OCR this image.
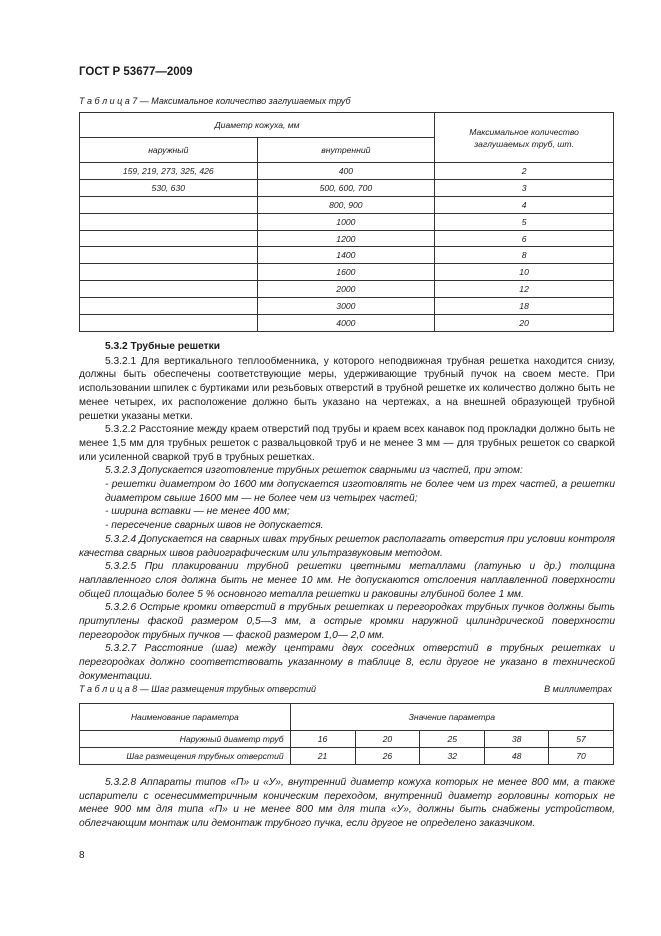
ГОСТ Р 53677—2009
Т а б л и ц а 7 — Максимальное количество заглушаемых труб
Диаметр кожуха, мм		Максимальное количество заглушаемых труб, шт.
наружный	внутренний	
159, 219, 273, 325, 426	400	2
530, 630	500, 600, 700	3
	800, 900	4
	1000	5
	1200	6
	1400	8
	1600	10
	2000	12
	3000	18
	4000	20

5.3.2 Трубные решетки

5.3.2.1 Для вертикального теплообменника, у которого неподвижная трубная решетка находится снизу, должны быть обеспечены соответствующие меры, удерживающие трубный пучок на своем месте. При использовании шпилек с буртиками или резьбовых отверстий в трубной решетке их количество должно быть не менее четырех, их расположение должно быть указано на чертежах, а на внешней образующей трубной решетки указаны метки.

5.3.2.2 Расстояние между краем отверстий под трубы и краем всех канавок под прокладки должно быть не менее 1,5 мм для трубных решеток с развальцовкой труб и не менее 3 мм — для трубных решеток со сваркой или усиленной сваркой труб в трубных решетках.

5.3.2.3 Допускается изготовление трубных решеток сварными из частей, при этом:

- решетки диаметром до 1600 мм допускается изготовлять не более чем из трех частей, а решетки диаметром свыше 1600 мм — не более чем из четырех частей;

- ширина вставки — не менее 400 мм;

- пересечение сварных швов не допускается.

5.3.2.4 Допускается на сварных швах трубных решеток располагать отверстия при условии контроля качества сварных швов радиографическим или ультразвуковым методом.

5.3.2.5 При плакировании трубной решетки цветными металлами (латунью и др.) толщина наплавленного слоя должна быть не менее 10 мм. Не допускаются отслоения наплавленной поверхности общей площадью более 5 % основного металла решетки и раковины глубиной более 1 мм.

5.3.2.6 Острые кромки отверстий в трубных решетках и перегородках трубных пучков должны быть притуплены фаской размером 0,5—3 мм, а острые кромки наружной цилиндрической поверхности перегородок трубных пучков — фаской размером 1,0— 2,0 мм.

5.3.2.7 Расстояние (шаг) между центрами двух соседних отверстий в трубных решетках и перегородках должно соответствовать указанному в таблице 8, если другое не указано в технической документации.

Т а б л и ц а 8 — Шаг размещения трубных отверстий	В миллиметрах
Наименование параметра	Значение параметра				
Наружный диаметр труб	16	20	25	38	57
Шаг размещения трубных отверстий	21	26	32	48	70

5.3.2.8 Аппараты типов «П» и «У», внутренний диаметр кожуха которых не менее 800 мм, а также испарители с осенесимметричным коническим переходом, внутренний диаметр горловины которых не менее 900 мм для типа «П» и не менее 800 мм для типа «У», должны быть снабжены устройством, облегчающим монтаж или демонтаж трубного пучка, если другое не определено заказчиком.

8
